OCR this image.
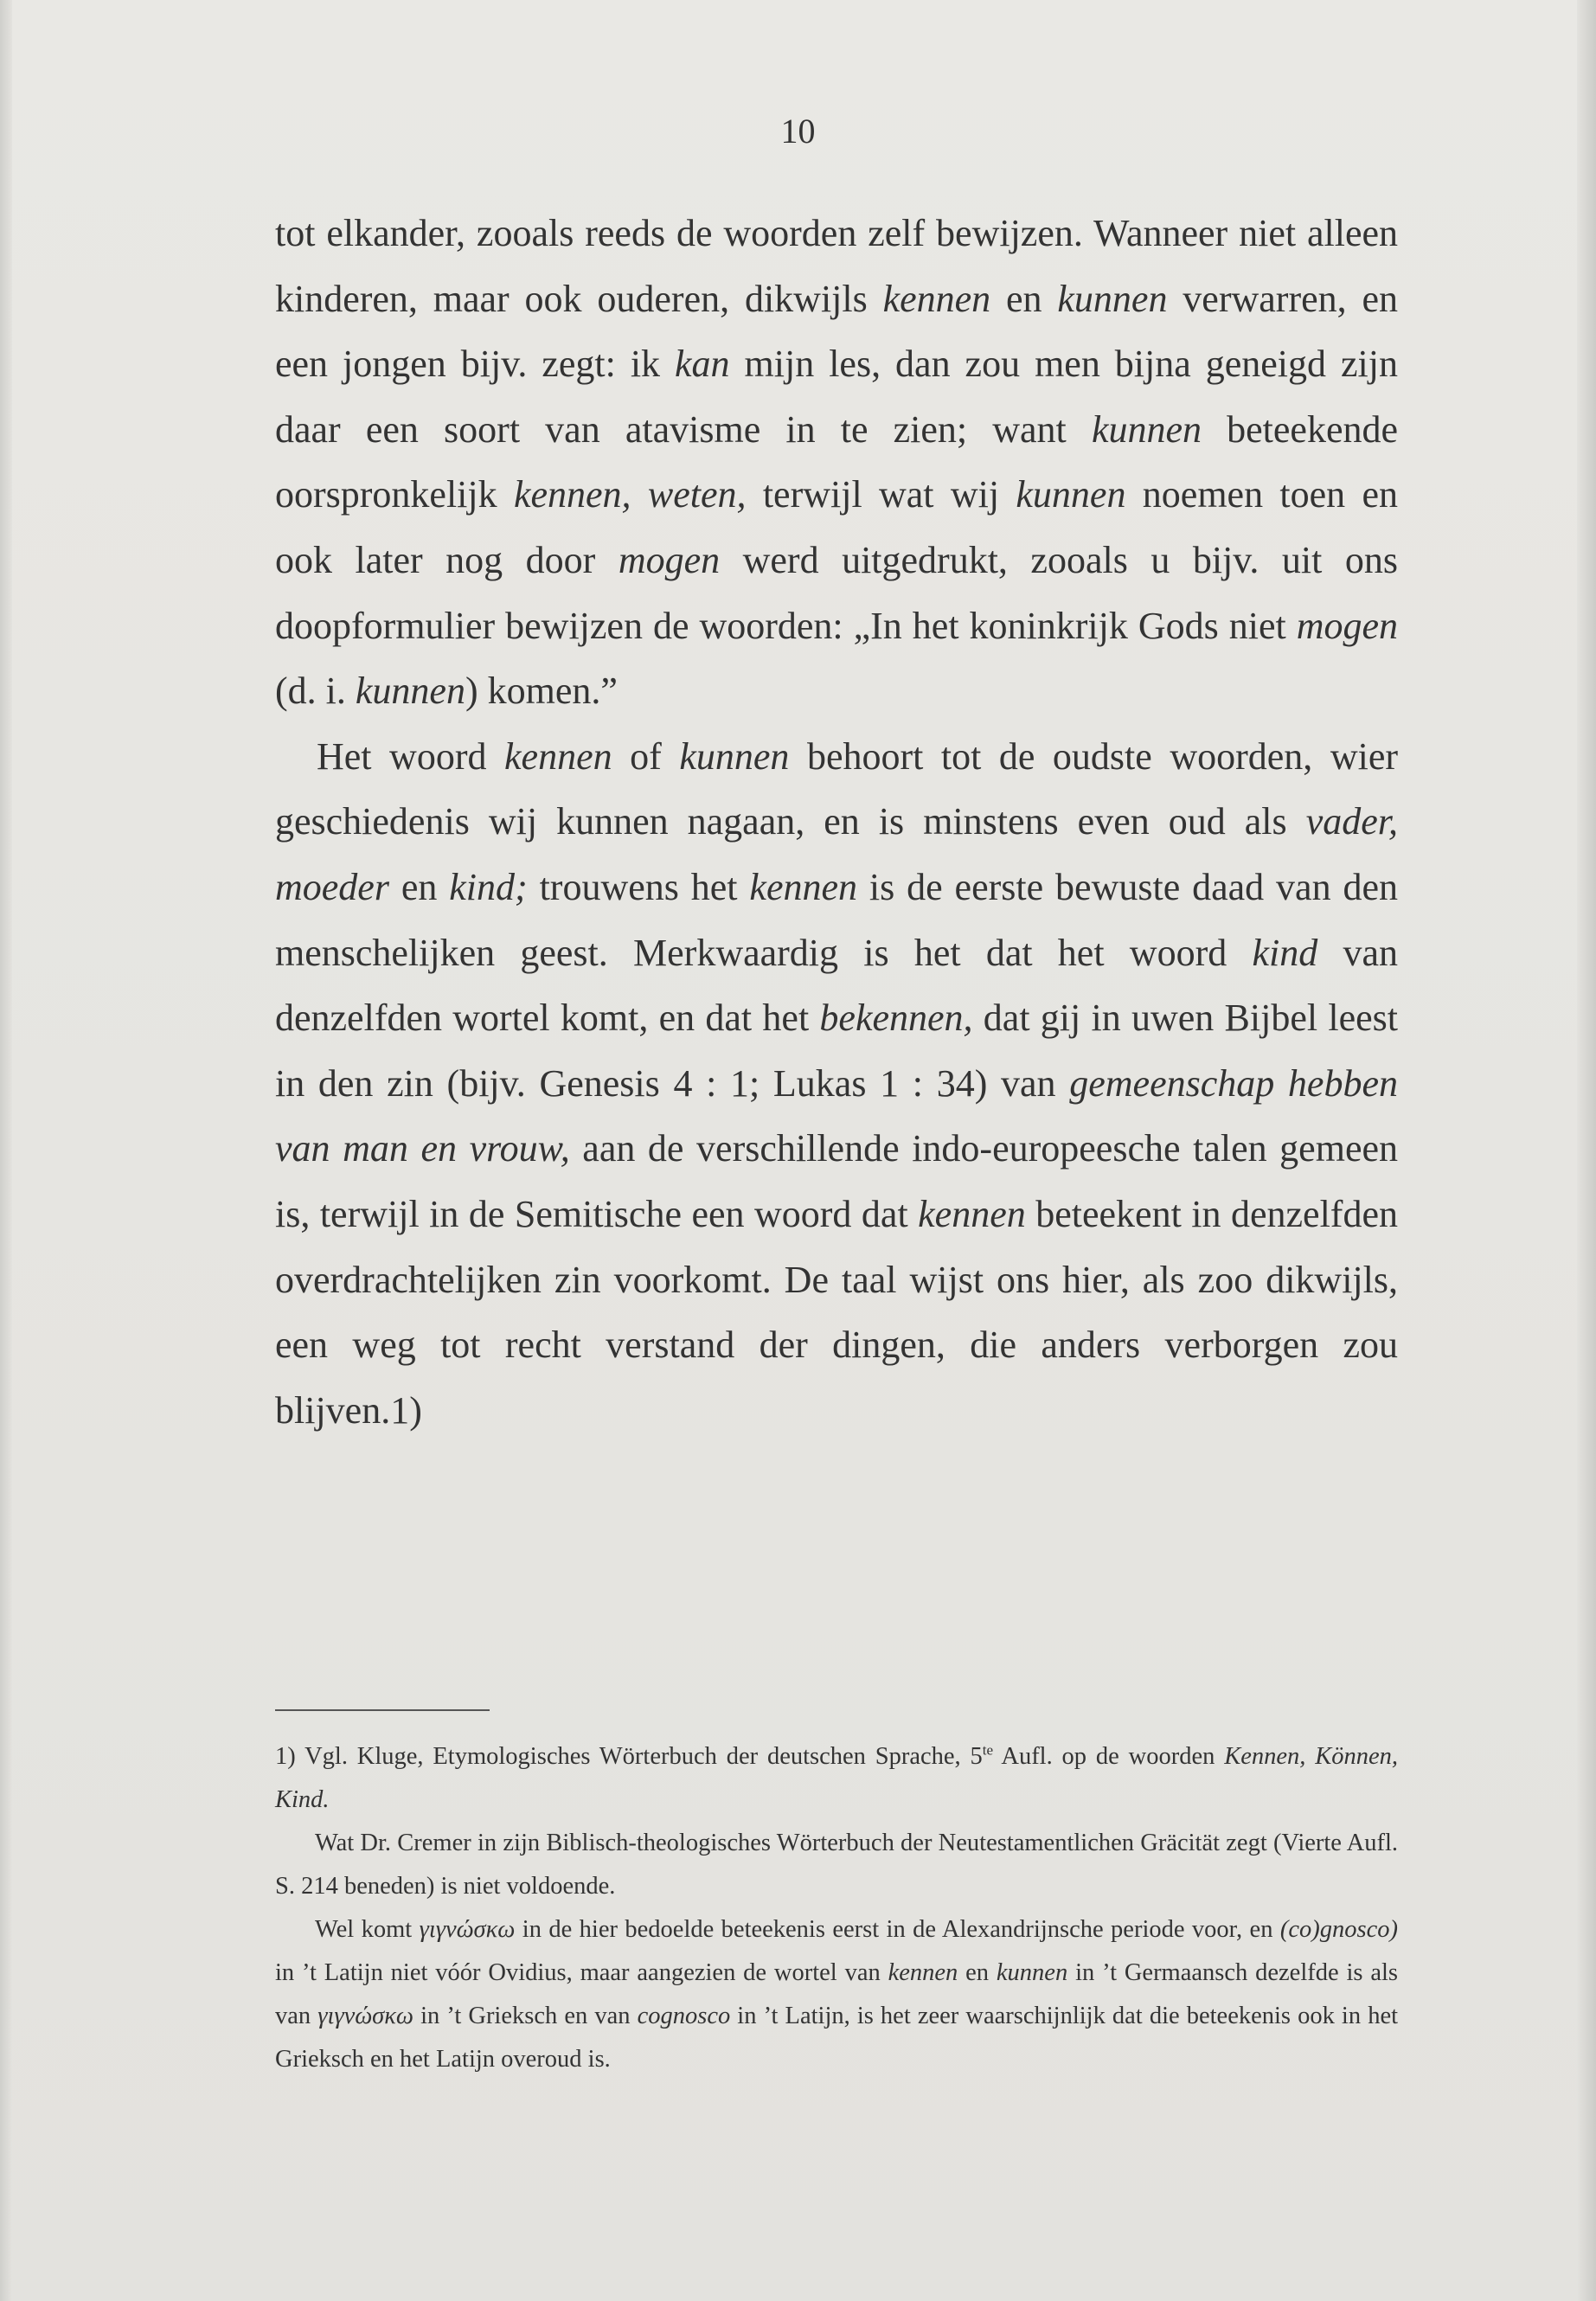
10

tot elkander, zooals reeds de woorden zelf bewijzen. Wanneer niet alleen kinderen, maar ook ouderen, dikwijls kennen en kunnen verwarren, en een jongen bijv. zegt: ik kan mijn les, dan zou men bijna geneigd zijn daar een soort van atavisme in te zien; want kunnen beteekende oorspronkelijk kennen, weten, terwijl wat wij kunnen noemen toen en ook later nog door mogen werd uitgedrukt, zooals u bijv. uit ons doopformulier bewijzen de woorden: „In het koninkrijk Gods niet mogen (d. i. kunnen) komen.”

Het woord kennen of kunnen behoort tot de oudste woorden, wier geschiedenis wij kunnen nagaan, en is minstens even oud als vader, moeder en kind; trouwens het kennen is de eerste bewuste daad van den menschelijken geest. Merkwaardig is het dat het woord kind van denzelfden wortel komt, en dat het bekennen, dat gij in uwen Bijbel leest in den zin (bijv. Genesis 4 : 1; Lukas 1 : 34) van gemeenschap hebben van man en vrouw, aan de verschillende indo-europeesche talen gemeen is, terwijl in de Semitische een woord dat kennen beteekent in denzelfden overdrachtelijken zin voorkomt. De taal wijst ons hier, als zoo dikwijls, een weg tot recht verstand der dingen, die anders verborgen zou blijven.1)

1) Vgl. Kluge, Etymologisches Wörterbuch der deutschen Sprache, $5^{te}$ Aufl. op de woorden Kennen, Können, Kind.

Wat Dr. Cremer in zijn Biblisch-theologisches Wörterbuch der Neutestamentlichen Gräcität zegt (Vierte Aufl. S. 214 beneden) is niet voldoende.

Wel komt γιγνώσκω in de hier bedoelde beteekenis eerst in de Alexandrijnsche periode voor, en (co)gnosco) in ’t Latijn niet vóór Ovidius, maar aangezien de wortel van kennen en kunnen in ’t Germaansch dezelfde is als van γιγνώσκω in ’t Grieksch en van cognosco in ’t Latijn, is het zeer waarschijnlijk dat die beteekenis ook in het Grieksch en het Latijn overoud is.
